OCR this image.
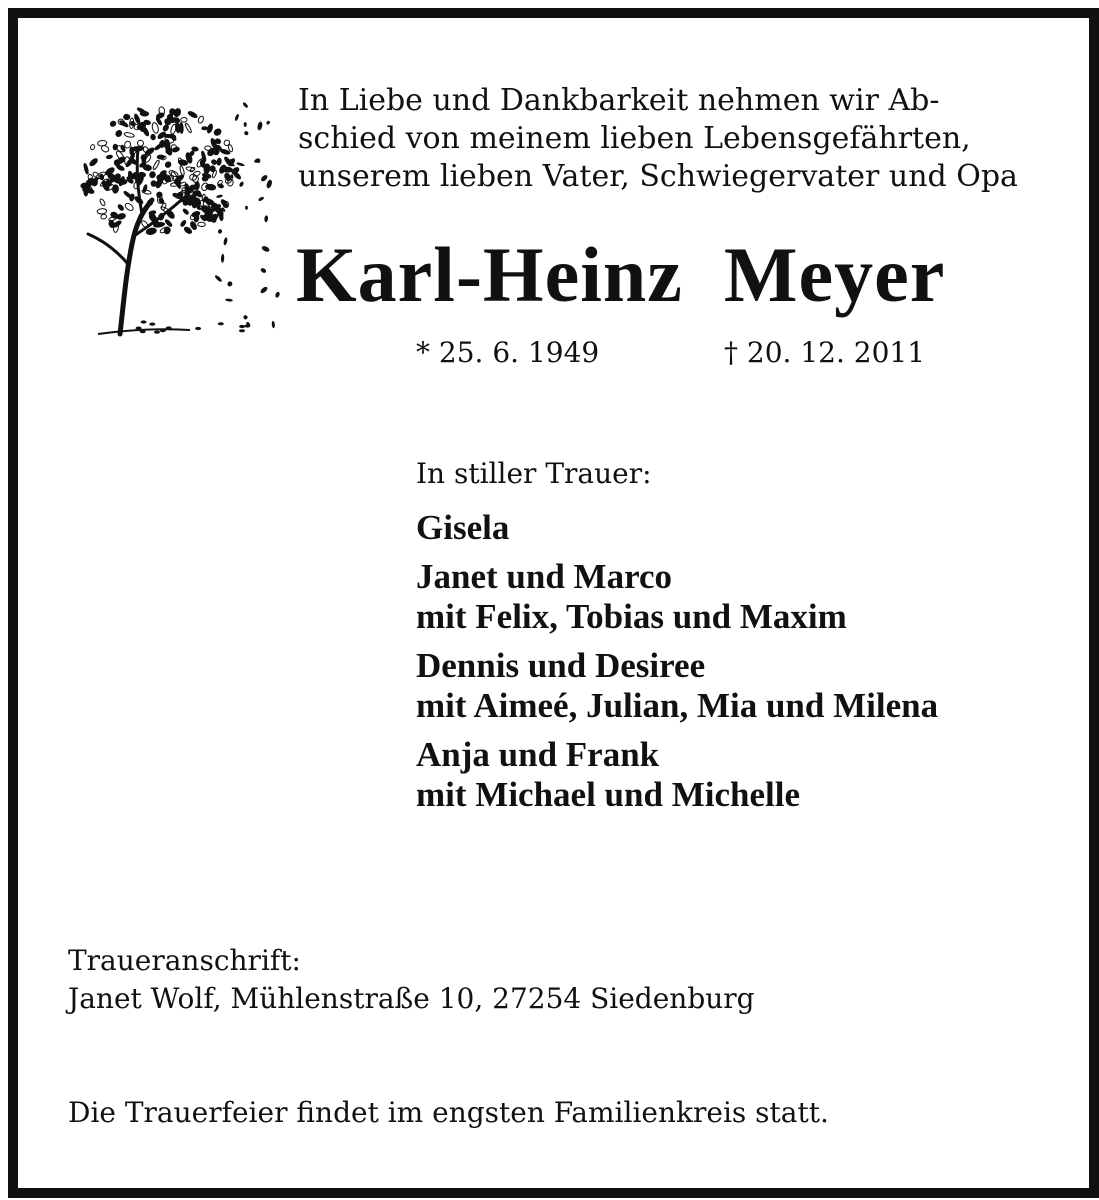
In Liebe und Dankbarkeit nehmen wir Ab-
schied von meinem lieben Lebensgefährten,
unserem lieben Vater, Schwiegervater und Opa
Karl-Heinz  Meyer
* 25. 6. 1949	† 20. 12. 2011
In stiller Trauer:
Gisela
Janet und Marco
mit Felix, Tobias und Maxim
Dennis und Desiree
mit Aimeé, Julian, Mia und Milena
Anja und Frank
mit Michael und Michelle
Traueranschrift:
Janet Wolf, Mühlenstraße 10, 27254 Siedenburg
Die Trauerfeier findet im engsten Familienkreis statt.
